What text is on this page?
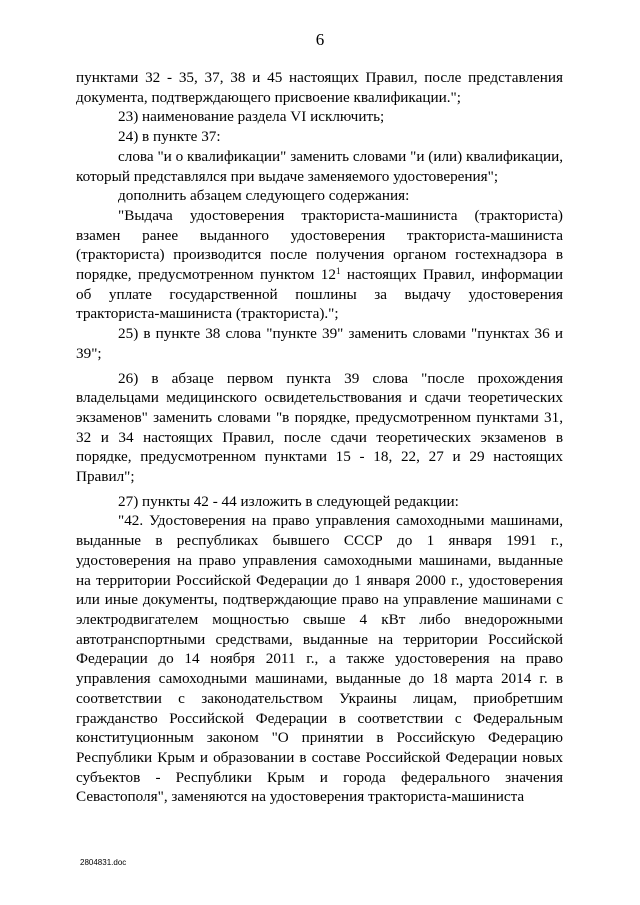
6

пунктами 32 - 35, 37, 38 и 45 настоящих Правил, после представления документа, подтверждающего присвоение квалификации.";

23) наименование раздела VI исключить;

24) в пункте 37:

слова "и о квалификации" заменить словами "и (или) квалификации, который представлялся при выдаче заменяемого удостоверения";

дополнить абзацем следующего содержания:

"Выдача удостоверения тракториста-машиниста (тракториста) взамен ранее выданного удостоверения тракториста-машиниста (тракториста) производится после получения органом гостехнадзора в порядке, предусмотренном пунктом $12^1$ настоящих Правил, информации об уплате государственной пошлины за выдачу удостоверения тракториста-машиниста (тракториста).";

25) в пункте 38 слова "пункте 39" заменить словами "пунктах 36 и 39";

26) в абзаце первом пункта 39 слова "после прохождения владельцами медицинского освидетельствования и сдачи теоретических экзаменов" заменить словами "в порядке, предусмотренном пунктами 31, 32 и 34 настоящих Правил, после сдачи теоретических экзаменов в порядке, предусмотренном пунктами 15 - 18, 22, 27 и 29 настоящих Правил";

27) пункты 42 - 44 изложить в следующей редакции:

"42. Удостоверения на право управления самоходными машинами, выданные в республиках бывшего СССР до 1 января 1991 г., удостоверения на право управления самоходными машинами, выданные на территории Российской Федерации до 1 января 2000 г., удостоверения или иные документы, подтверждающие право на управление машинами с электродвигателем мощностью свыше 4 кВт либо внедорожными автотранспортными средствами, выданные на территории Российской Федерации до 14 ноября 2011 г., а также удостоверения на право управления самоходными машинами, выданные до 18 марта 2014 г. в соответствии с законодательством Украины лицам, приобретшим гражданство Российской Федерации в соответствии с Федеральным конституционным законом "О принятии в Российскую Федерацию Республики Крым и образовании в составе Российской Федерации новых субъектов - Республики Крым и города федерального значения Севастополя", заменяются на удостоверения тракториста-машиниста

2804831.doc
